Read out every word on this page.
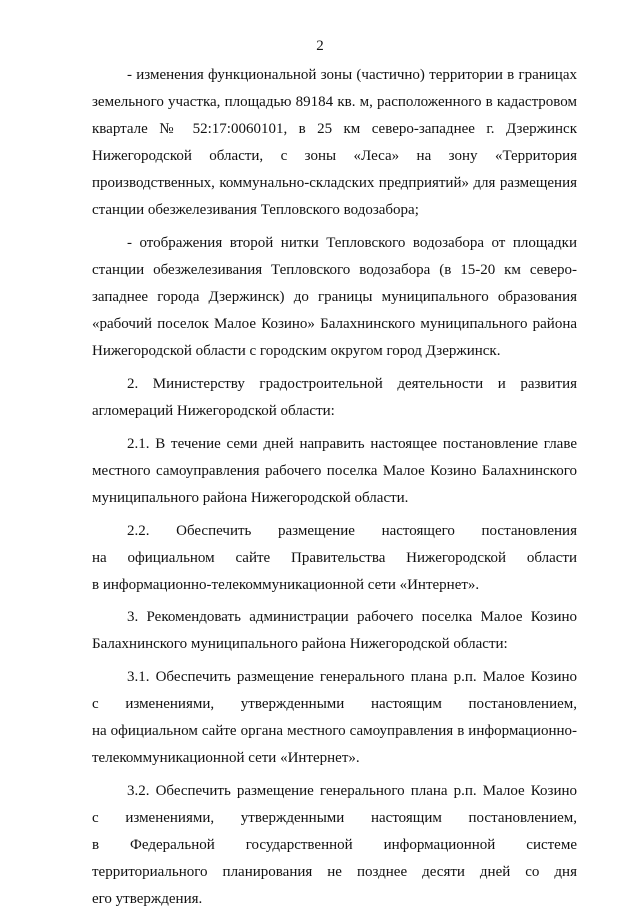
2

- изменения функциональной зоны (частично) территории в границах
земельного участка, площадью 89184 кв. м, расположенного в кадастровом
квартале № 52:17:0060101, в 25 км северо-западнее г. Дзержинск
Нижегородской области, с зоны «Леса» на зону «Территория
производственных, коммунально-складских предприятий» для размещения
станции обезжелезивания Тепловского водозабора;

- отображения второй нитки Тепловского водозабора от площадки
станции обезжелезивания Тепловского водозабора (в 15-20 км северо-
западнее города Дзержинск) до границы муниципального образования
«рабочий поселок Малое Козино» Балахнинского муниципального района
Нижегородской области с городским округом город Дзержинск.

2. Министерству градостроительной деятельности и развития
агломераций Нижегородской области:

2.1. В течение семи дней направить настоящее постановление главе
местного самоуправления рабочего поселка Малое Козино Балахнинского
муниципального района Нижегородской области.

2.2. Обеспечить размещение настоящего постановления
на официальном сайте Правительства Нижегородской области
в информационно-телекоммуникационной сети «Интернет».

3. Рекомендовать администрации рабочего поселка Малое Козино
Балахнинского муниципального района Нижегородской области:

3.1. Обеспечить размещение генерального плана р.п. Малое Козино
с изменениями, утвержденными настоящим постановлением,
на официальном сайте органа местного самоуправления в информационно-
телекоммуникационной сети «Интернет».

3.2. Обеспечить размещение генерального плана р.п. Малое Козино
с изменениями, утвержденными настоящим постановлением,
в Федеральной государственной информационной системе
территориального планирования не позднее десяти дней со дня
его утверждения.
